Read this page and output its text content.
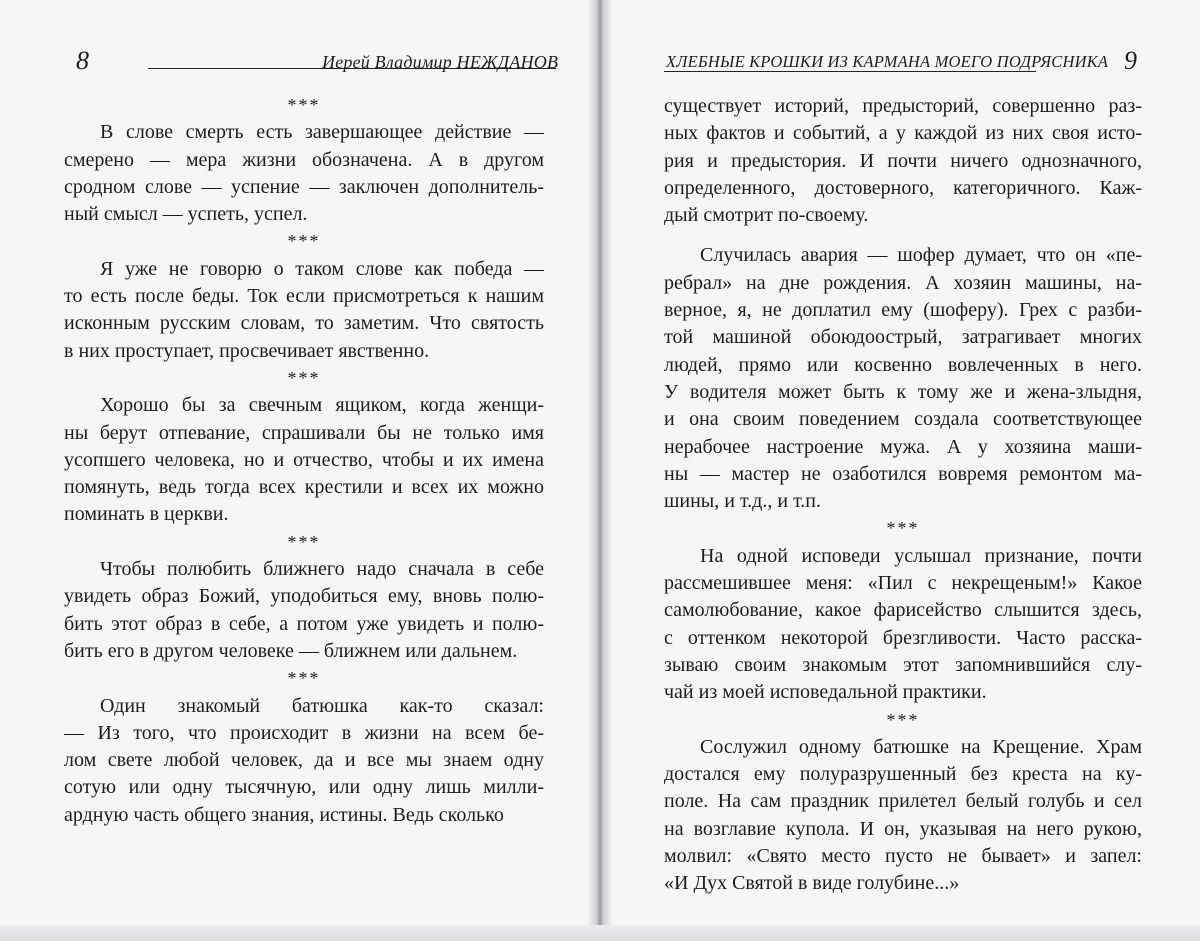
8	Иерей Владимир НЕЖДАНОВ	ХЛЕБНЫЕ КРОШКИ ИЗ КАРМАНА МОЕГО ПОДРЯСНИКА 9
***
В слове смерть есть завершающее действие —
смерено — мера жизни обозначена. А в другом
сродном слове — успение — заключен дополнитель-
ный смысл — успеть, успел.
***
Я уже не говорю о таком слове как победа —
то есть после беды. Ток если присмотреться к нашим
исконным русским словам, то заметим. Что святость
в них проступает, просвечивает явственно.
***
Хорошо бы за свечным ящиком, когда женщи-
ны берут отпевание, спрашивали бы не только имя
усопшего человека, но и отчество, чтобы и их имена
помянуть, ведь тогда всех крестили и всех их можно
поминать в церкви.
***
Чтобы полюбить ближнего надо сначала в себе
увидеть образ Божий, уподобиться ему, вновь полю-
бить этот образ в себе, а потом уже увидеть и полю-
бить его в другом человеке — ближнем или дальнем.
***
Один знакомый батюшка как-то сказал:
— Из того, что происходит в жизни на всем бе-
лом свете любой человек, да и все мы знаем одну
сотую или одну тысячную, или одну лишь милли-
ардную часть общего знания, истины. Ведь сколько
существует историй, предысторий, совершенно раз-
ных фактов и событий, а у каждой из них своя исто-
рия и предыстория. И почти ничего однозначного,
определенного, достоверного, категоричного. Каж-
дый смотрит по-своему.
Случилась авария — шофер думает, что он «пе-
ребрал» на дне рождения. А хозяин машины, на-
верное, я, не доплатил ему (шоферу). Грех с разби-
той машиной обоюдоострый, затрагивает многих
людей, прямо или косвенно вовлеченных в него.
У водителя может быть к тому же и жена-злыдня,
и она своим поведением создала соответствующее
нерабочее настроение мужа. А у хозяина маши-
ны — мастер не озаботился вовремя ремонтом ма-
шины, и т.д., и т.п.
***
На одной исповеди услышал признание, почти
рассмешившее меня: «Пил с некрещеным!» Какое
самолюбование, какое фарисейство слышится здесь,
с оттенком некоторой брезгливости. Часто расска-
зываю своим знакомым этот запомнившийся слу-
чай из моей исповедальной практики.
***
Сослужил одному батюшке на Крещение. Храм
достался ему полуразрушенный без креста на ку-
поле. На сам праздник прилетел белый голубь и сел
на возглавие купола. И он, указывая на него рукою,
молвил: «Свято место пусто не бывает» и запел:
«И Дух Святой в виде голубине...»
